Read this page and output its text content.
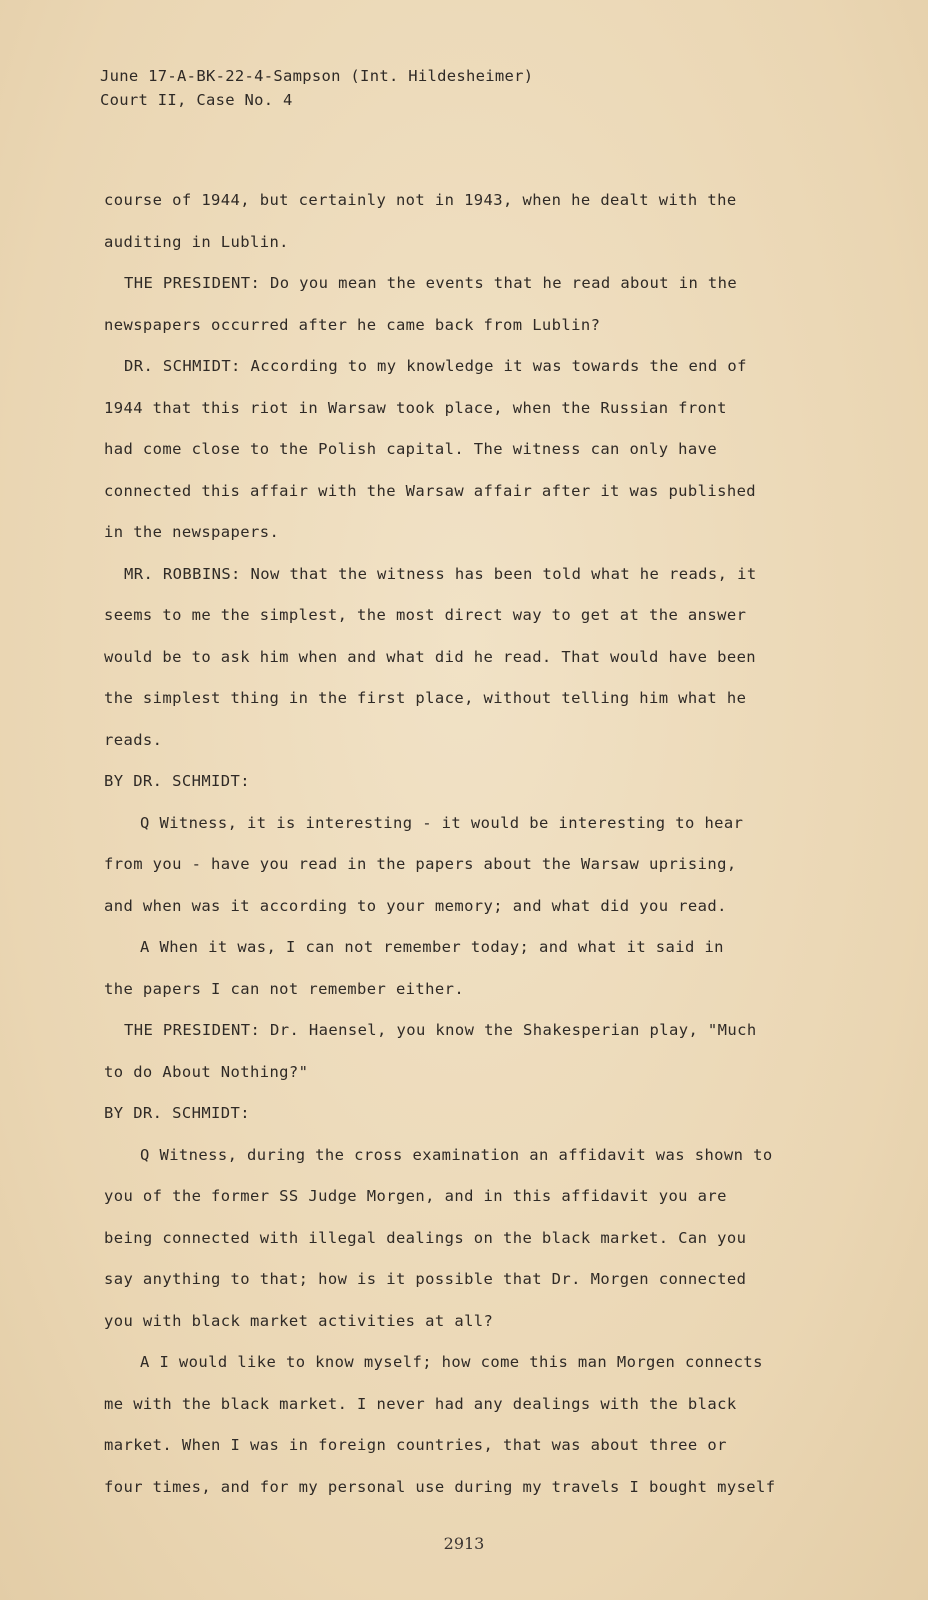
June 17-A-BK-22-4-Sampson (Int. Hildesheimer)
Court II, Case No. 4
course of 1944, but certainly not in 1943, when he dealt with the
auditing in Lublin.
THE PRESIDENT: Do you mean the events that he read about in the
newspapers occurred after he came back from Lublin?
DR. SCHMIDT: According to my knowledge it was towards the end of
1944 that this riot in Warsaw took place, when the Russian front
had come close to the Polish capital. The witness can only have
connected this affair with the Warsaw affair after it was published
in the newspapers.
MR. ROBBINS: Now that the witness has been told what he reads, it
seems to me the simplest, the most direct way to get at the answer
would be to ask him when and what did he read. That would have been
the simplest thing in the first place, without telling him what he
reads.
BY DR. SCHMIDT:
Q Witness, it is interesting - it would be interesting to hear
from you - have you read in the papers about the Warsaw uprising,
and when was it according to your memory; and what did you read.
A When it was, I can not remember today; and what it said in
the papers I can not remember either.
THE PRESIDENT: Dr. Haensel, you know the Shakesperian play, "Much
to do About Nothing?"
BY DR. SCHMIDT:
Q Witness, during the cross examination an affidavit was shown to
you of the former SS Judge Morgen, and in this affidavit you are
being connected with illegal dealings on the black market. Can you
say anything to that; how is it possible that Dr. Morgen connected
you with black market activities at all?
A I would like to know myself; how come this man Morgen connects
me with the black market. I never had any dealings with the black
market. When I was in foreign countries, that was about three or
four times, and for my personal use during my travels I bought myself
2913
